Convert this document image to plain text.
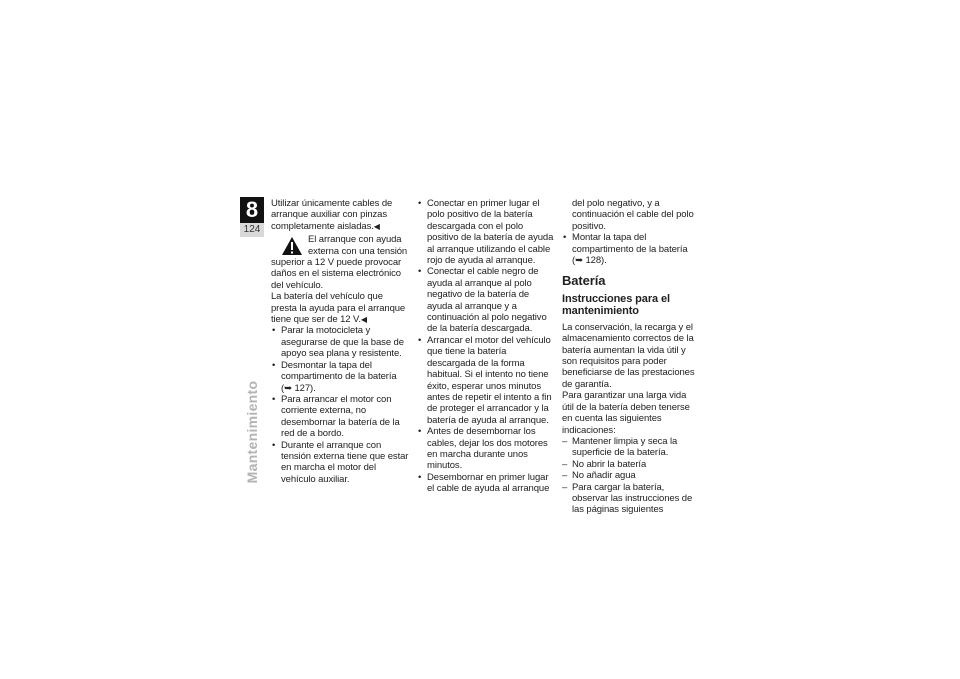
8
124
Mantenimiento

Utilizar únicamente cables de arranque auxiliar con pinzas completamente aisladas.◀

El arranque con ayuda externa con una tensión superior a 12 V puede provocar daños en el sistema electrónico del vehículo.

La batería del vehículo que presta la ayuda para el arranque tiene que ser de 12 V.◀

• Parar la motocicleta y asegurarse de que la base de apoyo sea plana y resistente.
• Desmontar la tapa del compartimento de la batería (➥ 127).
• Para arrancar el motor con corriente externa, no desembornar la batería de la red de a bordo.
• Durante el arranque con tensión externa tiene que estar en marcha el motor del vehículo auxiliar.
• Conectar en primer lugar el polo positivo de la batería descargada con el polo positivo de la batería de ayuda al arranque utilizando el cable rojo de ayuda al arranque.
• Conectar el cable negro de ayuda al arranque al polo negativo de la batería de ayuda al arranque y a continuación al polo negativo de la batería descargada.
• Arrancar el motor del vehículo que tiene la batería descargada de la forma habitual. Si el intento no tiene éxito, esperar unos minutos antes de repetir el intento a fin de proteger el arrancador y la batería de ayuda al arranque.
• Antes de desembornar los cables, dejar los dos motores en marcha durante unos minutos.
• Desembornar en primer lugar el cable de ayuda al arranque

del polo negativo, y a continuación el cable del polo positivo.

• Montar la tapa del compartimento de la batería (➥ 128).
Batería
Instrucciones para el mantenimiento

La conservación, la recarga y el almacenamiento correctos de la batería aumentan la vida útil y son requisitos para poder beneficiarse de las prestaciones de garantía.

Para garantizar una larga vida útil de la batería deben tenerse en cuenta las siguientes indicaciones:

– Mantener limpia y seca la superficie de la batería.
– No abrir la batería
– No añadir agua
– Para cargar la batería, observar las instrucciones de las páginas siguientes
